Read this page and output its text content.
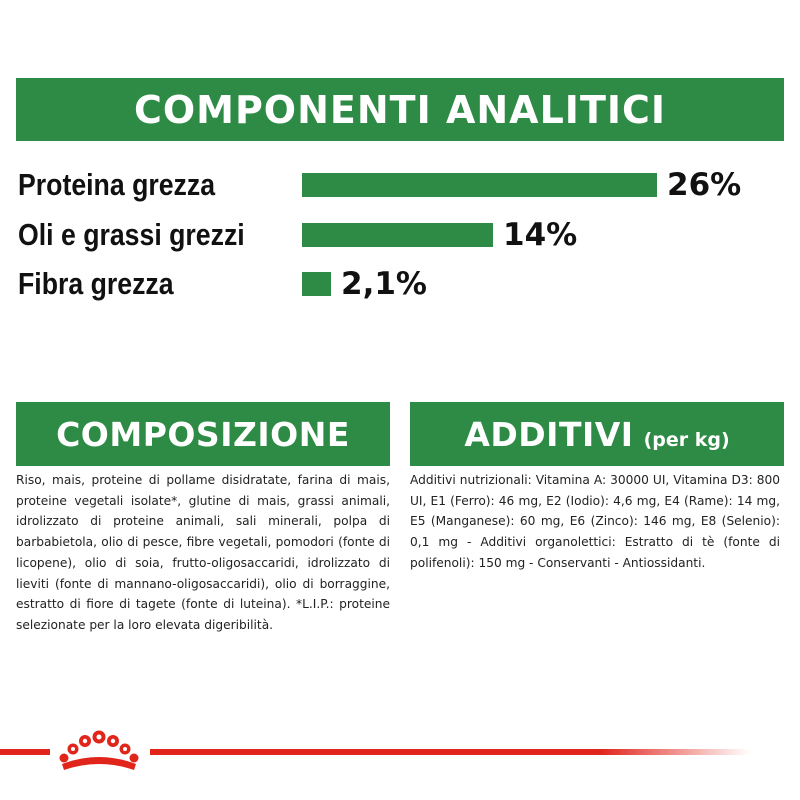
COMPONENTI ANALITICI
Proteina grezza	26%
Oli e grassi grezzi	14%
Fibra grezza	2,1%
COMPOSIZIONE	ADDITIVI (per kg)
Riso, mais, proteine di pollame disidratate, farina di mais, proteine vegetali isolate*, glutine di mais, grassi animali, idrolizzato di proteine animali, sali minerali, polpa di barbabietola, olio di pesce, fibre vegetali, pomodori (fonte di licopene), olio di soia, frutto-oligosaccaridi, idrolizzato di lieviti (fonte di mannano-oligosaccaridi), olio di borraggine, estratto di fiore di tagete (fonte di luteina). *L.I.P.: proteine selezionate per la loro elevata digeribilità.
Additivi nutrizionali: Vitamina A: 30000 UI, Vitamina D3: 800 UI, E1 (Ferro): 46 mg, E2 (Iodio): 4,6 mg, E4 (Rame): 14 mg, E5 (Manganese): 60 mg, E6 (Zinco): 146 mg, E8 (Selenio): 0,1 mg - Additivi organolettici: Estratto di tè (fonte di polifenoli): 150 mg - Conservanti - Antiossidanti.
